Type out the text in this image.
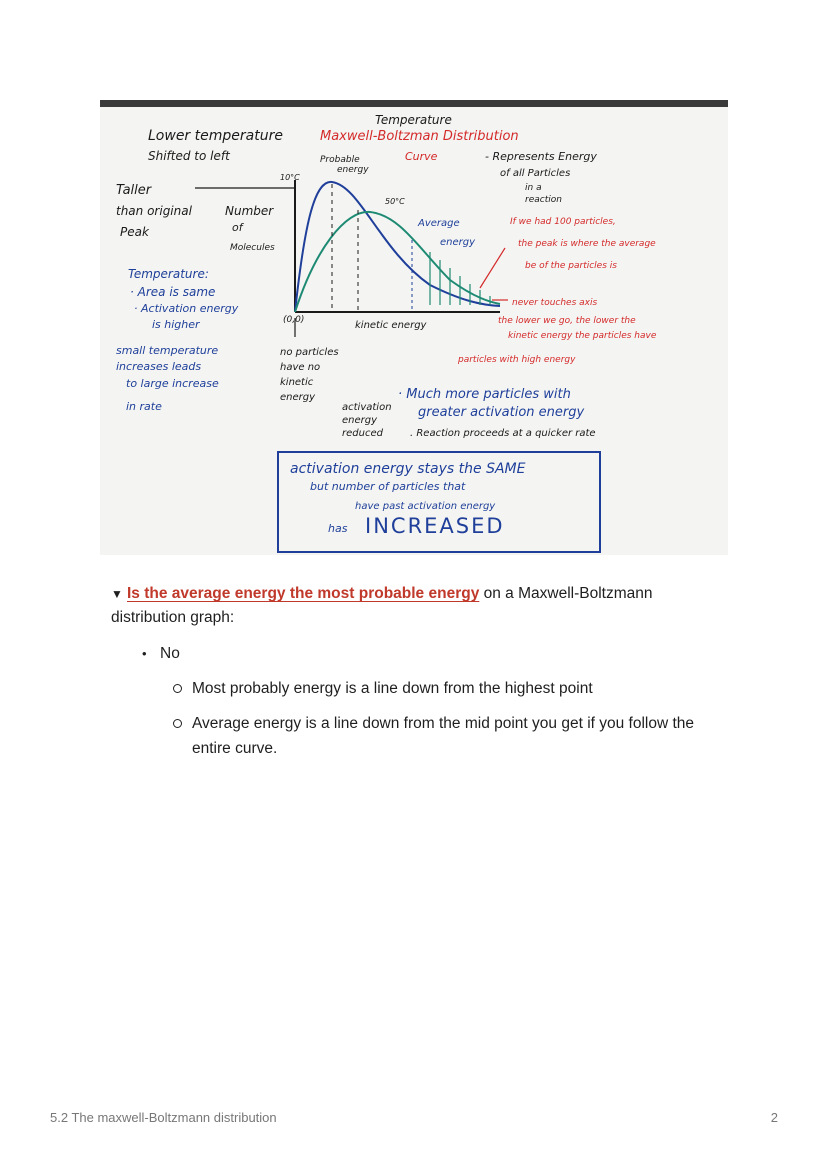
Temperature
Maxwell-Boltzman Distribution
Curve	- Represents Energy
of all Particles
in a
reaction
Lower temperature
Shifted to left
Taller
than original
Peak
Number
of
Molecules
Probable
energy
10°C
50°C
Average
energy
If we had 100 particles,
the peak is where the average
be of the particles is
Temperature:
· Area is same
· Activation energy
is higher	(0,0)	kinetic energy
never touches axis
the lower we go, the lower the
kinetic energy the particles have
particles with high energy
small temperature
increases leads
to large increase
in rate
no particles
have no
kinetic
energy
activation
energy
reduced
· Much more particles with
greater activation energy
. Reaction proceeds at a quicker rate
activation energy stays the SAME
but number of particles that
have past activation energy
has INCREASED
▼ Is the average energy the most probable energy on a Maxwell-Boltzmann distribution graph:
• No
Most probably energy is a line down from the highest point
Average energy is a line down from the mid point you get if you follow the entire curve.
5.2 The maxwell-Boltzmann distribution	2
